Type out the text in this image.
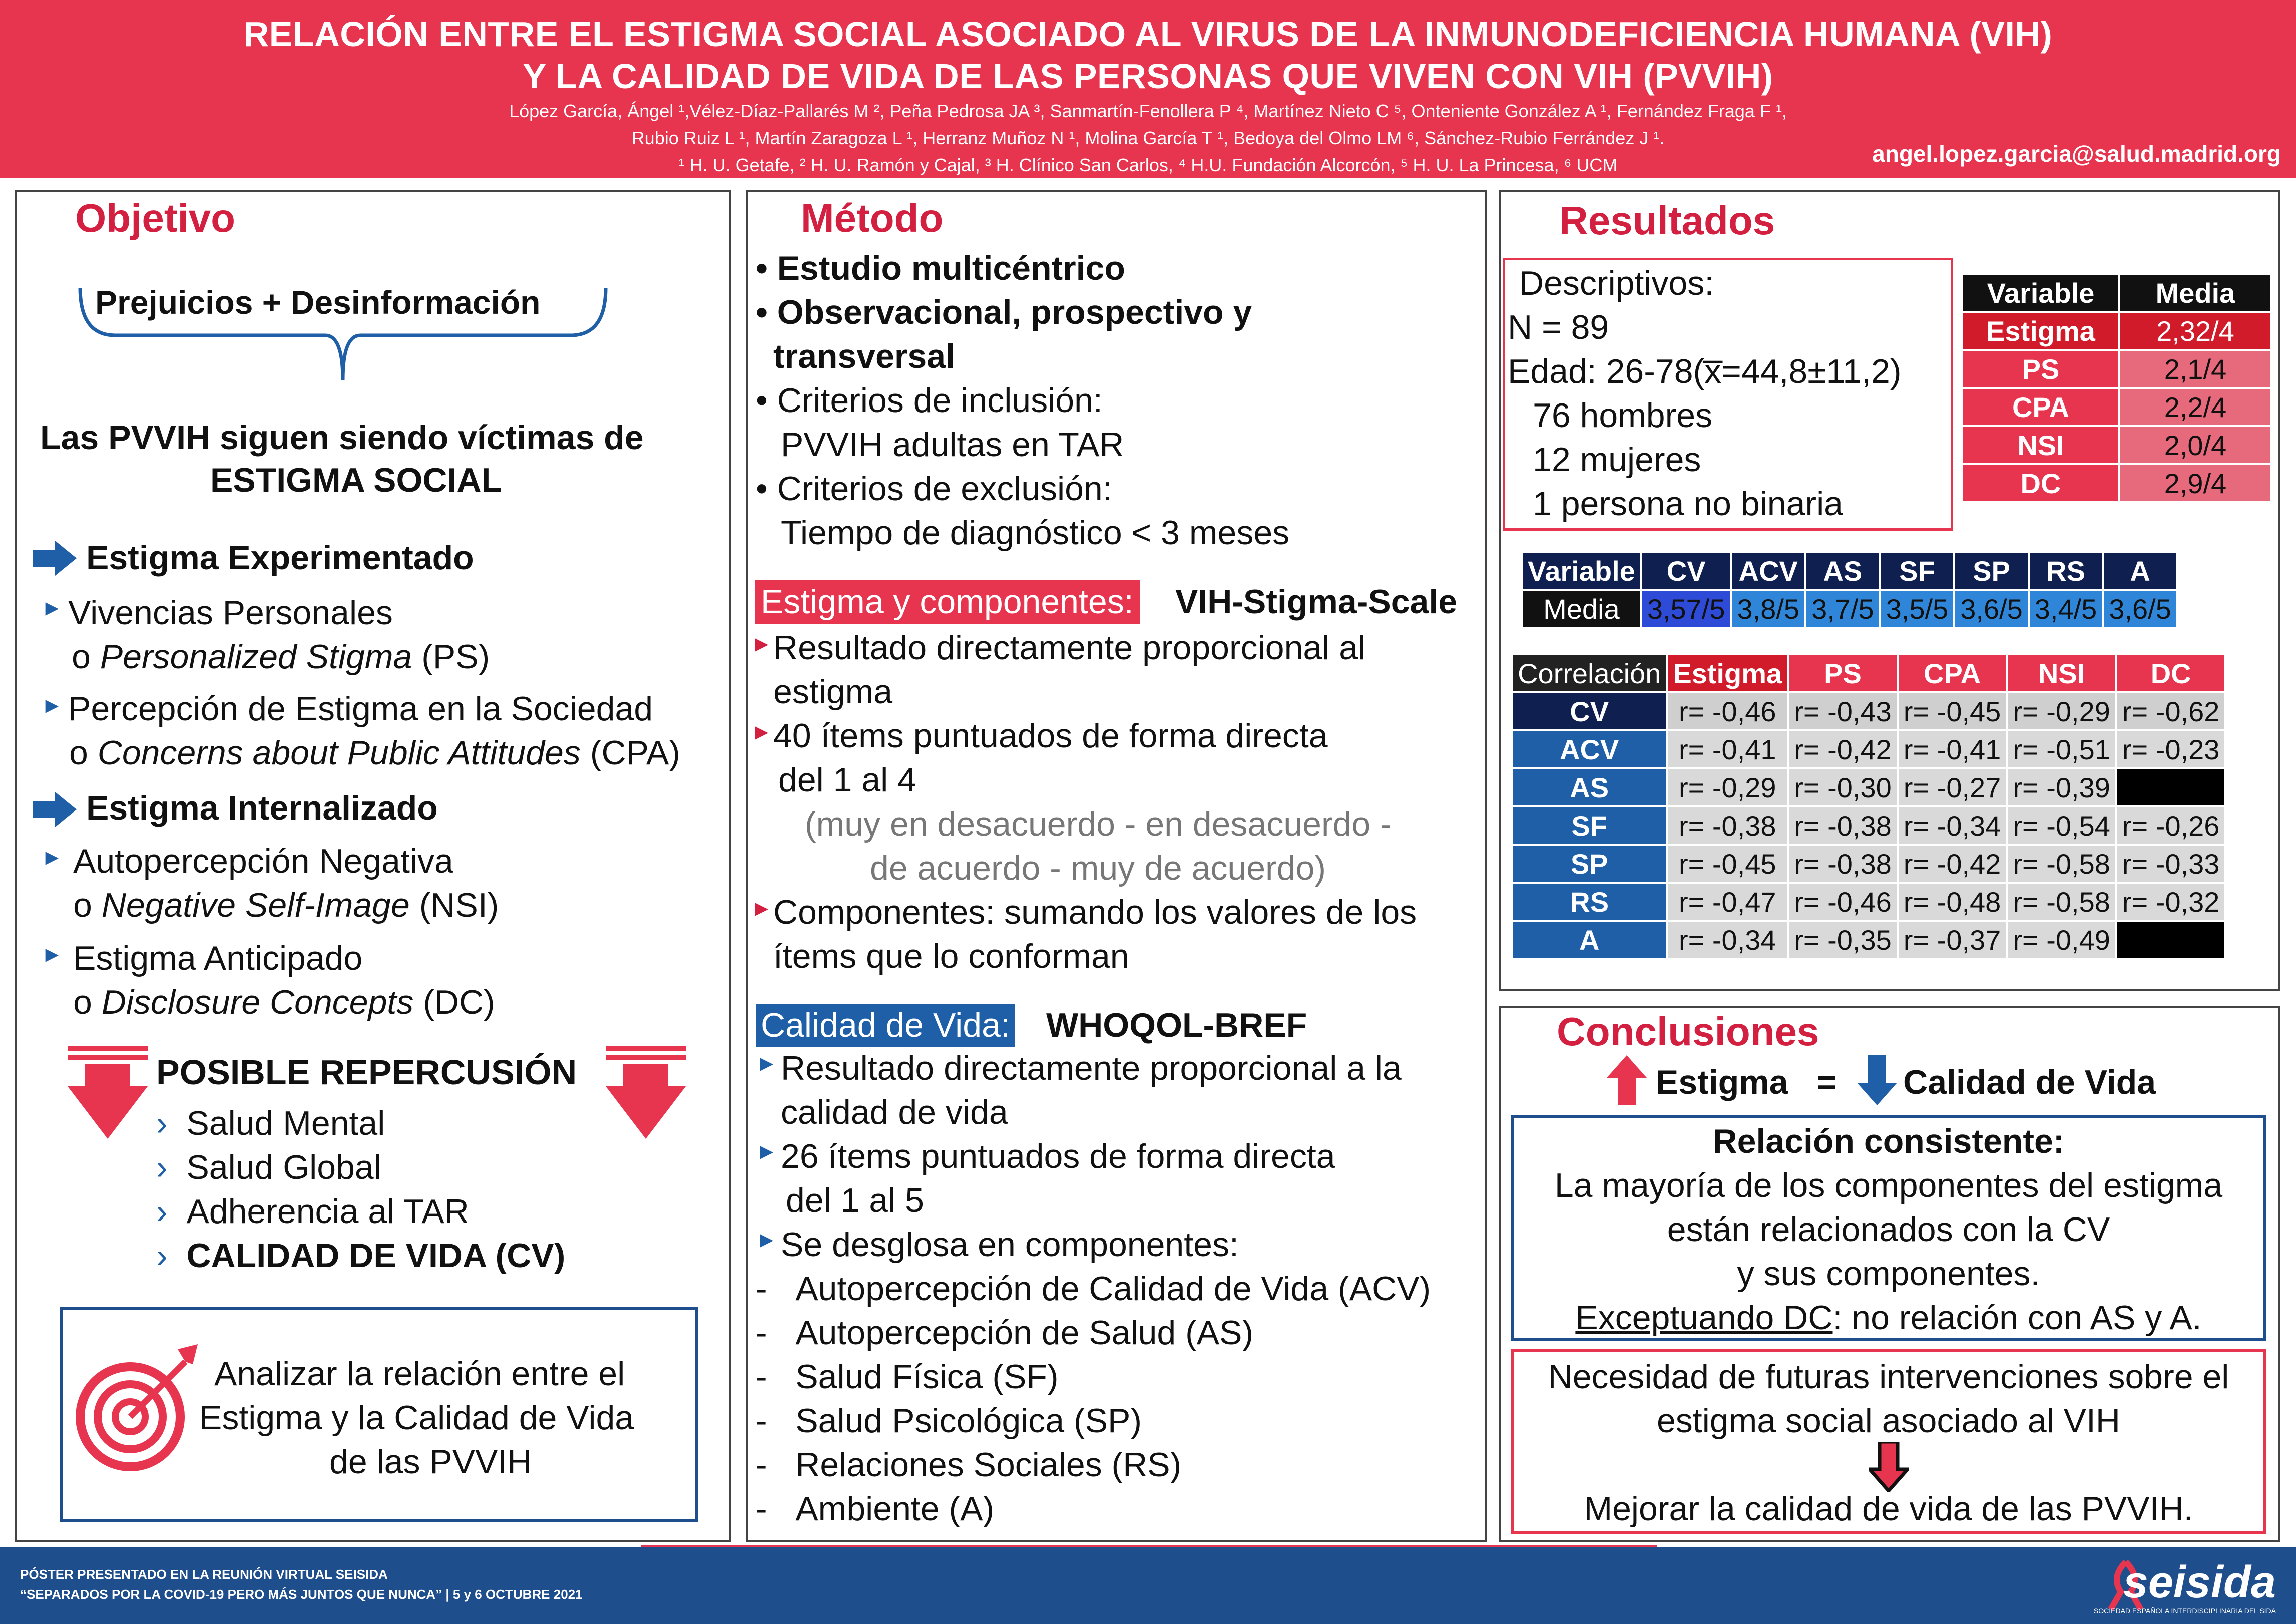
RELACIÓN ENTRE EL ESTIGMA SOCIAL ASOCIADO AL VIRUS DE LA INMUNODEFICIENCIA HUMANA (VIH)
Y LA CALIDAD DE VIDA DE LAS PERSONAS QUE VIVEN CON VIH (PVVIH)
López García, Ángel ¹,Vélez-Díaz-Pallarés M ², Peña Pedrosa JA ³, Sanmartín-Fenollera P ⁴, Martínez Nieto C ⁵, Onteniente González A ¹, Fernández Fraga F ¹,
Rubio Ruiz L ¹, Martín Zaragoza L ¹, Herranz Muñoz N ¹, Molina García T ¹, Bedoya del Olmo LM ⁶, Sánchez-Rubio Ferrández J ¹.
¹ H. U. Getafe, ² H. U. Ramón y Cajal, ³ H. Clínico San Carlos, ⁴ H.U. Fundación Alcorcón, ⁵ H. U. La Princesa, ⁶ UCM	angel.lopez.garcia@salud.madrid.org
Objetivo
Prejuicios + Desinformación
Las PVVIH siguen siendo víctimas de
ESTIGMA SOCIAL
Estigma Experimentado
► Vivencias Personales
o Personalized Stigma (PS)
► Percepción de Estigma en la Sociedad
o Concerns about Public Attitudes (CPA)
Estigma Internalizado
► Autopercepción Negativa
o Negative Self-Image (NSI)
► Estigma Anticipado
o Disclosure Concepts (DC)
POSIBLE REPERCUSIÓN
›  Salud Mental
›  Salud Global
›  Adherencia al TAR
›  CALIDAD DE VIDA (CV)
Analizar la relación entre el
Estigma y la Calidad de Vida
de las PVVIH
Método
• Estudio multicéntrico
• Observacional, prospectivo y
transversal
• Criterios de inclusión:
PVVIH adultas en TAR
• Criterios de exclusión:
Tiempo de diagnóstico < 3 meses
Estigma y componentes: VIH-Stigma-Scale
► Resultado directamente proporcional al
estigma
► 40 ítems puntuados de forma directa
del 1 al 4
(muy en desacuerdo - en desacuerdo -
de acuerdo - muy de acuerdo)
► Componentes: sumando los valores de los
ítems que lo conforman
Calidad de Vida: WHOQOL-BREF
► Resultado directamente proporcional a la
calidad de vida
► 26 ítems puntuados de forma directa
del 1 al 5
► Se desglosa en componentes:
-   Autopercepción de Calidad de Vida (ACV)
-   Autopercepción de Salud (AS)
-   Salud Física (SF)
-   Salud Psicológica (SP)
-   Relaciones Sociales (RS)
-   Ambiente (A)
Resultados
Descriptivos:
N = 89
Edad: 26-78(x̅=44,8±11,2)
76 hombres
12 mujeres
1 persona no binaria
Variable	Media
Estigma	2,32/4
PS	2,1/4
CPA	2,2/4
NSI	2,0/4
DC	2,9/4
Variable	CV	ACV	AS	SF	SP	RS	A
Media	3,57/5	3,8/5	3,7/5	3,5/5	3,6/5	3,4/5	3,6/5
Correlación	Estigma	PS	CPA	NSI	DC
CV	r= -0,46	r= -0,43	r= -0,45	r= -0,29	r= -0,62
ACV	r= -0,41	r= -0,42	r= -0,41	r= -0,51	r= -0,23
AS	r= -0,29	r= -0,30	r= -0,27	r= -0,39	
SF	r= -0,38	r= -0,38	r= -0,34	r= -0,54	r= -0,26
SP	r= -0,45	r= -0,38	r= -0,42	r= -0,58	r= -0,33
RS	r= -0,47	r= -0,46	r= -0,48	r= -0,58	r= -0,32
A	r= -0,34	r= -0,35	r= -0,37	r= -0,49	
Conclusiones
Estigma = Calidad de Vida
Relación consistente:
La mayoría de los componentes del estigma
están relacionados con la CV
y sus componentes.
Exceptuando DC: no relación con AS y A.
Necesidad de futuras intervenciones sobre el
estigma social asociado al VIH
Mejorar la calidad de vida de las PVVIH.
PÓSTER PRESENTADO EN LA REUNIÓN VIRTUAL SEISIDA
“SEPARADOS POR LA COVID-19 PERO MÁS JUNTOS QUE NUNCA” | 5 y 6 OCTUBRE 2021	seisida
SOCIEDAD ESPAÑOLA INTERDISCIPLINARIA DEL SIDA
